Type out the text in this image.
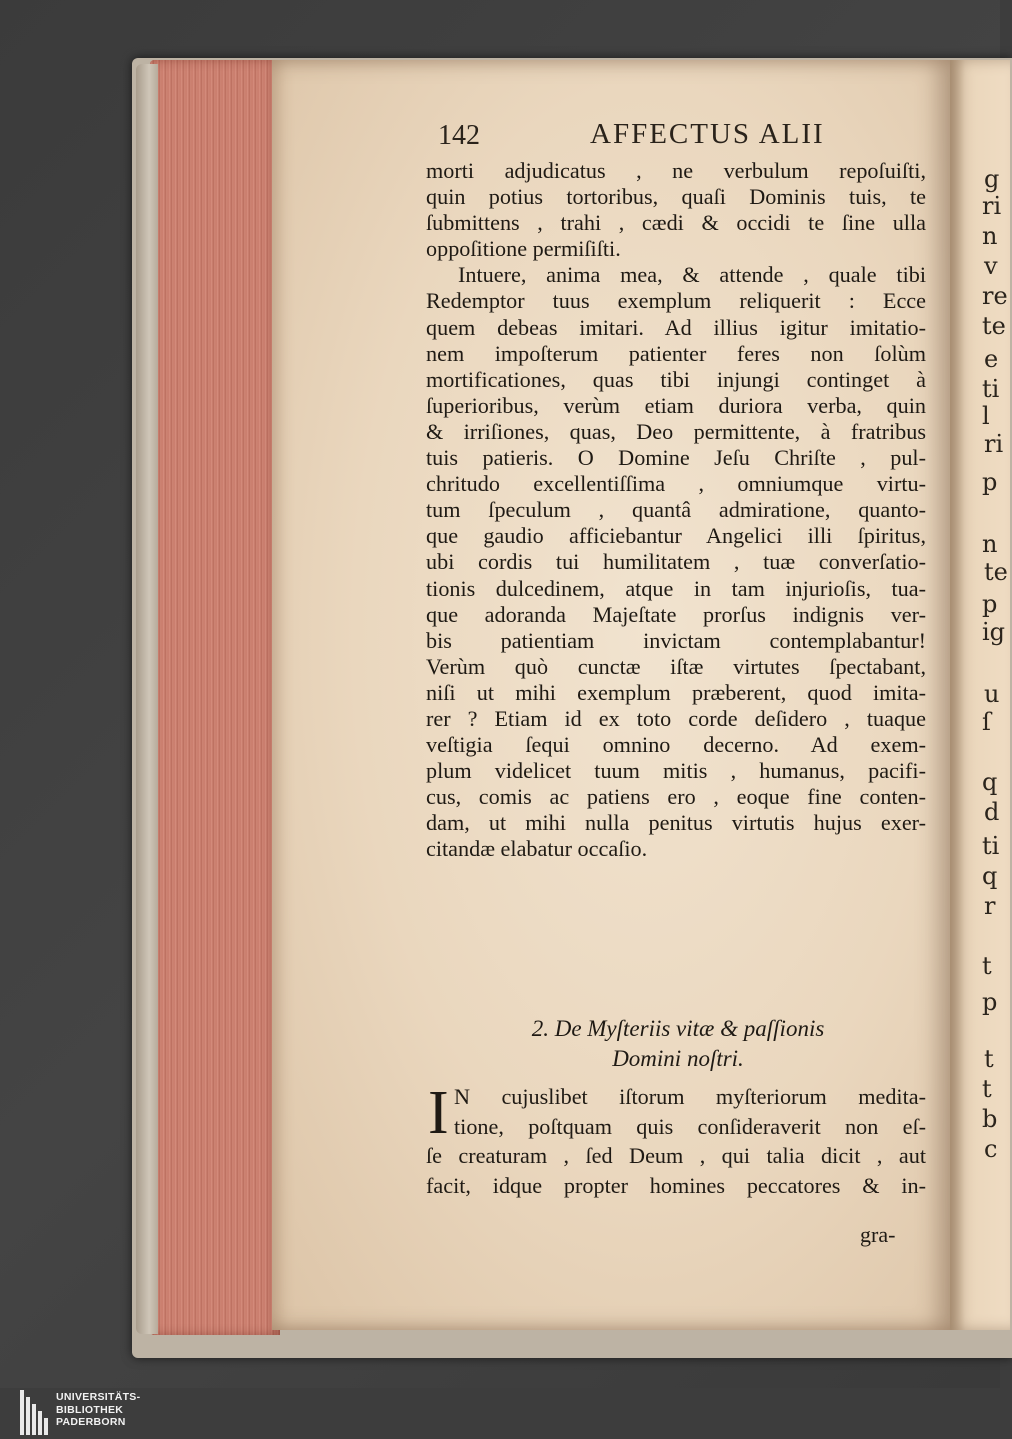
g
ri
n
v
re
te
e
ti
l
ri
p
n
te
p
ig
u
ſ
q
d
ti
q
r
t
p
t
t
b
c
142	AFFECTUS ALII
morti adjudicatus , ne verbulum repoſuiſti,
quin potius tortoribus, quaſi Dominis tuis, te
ſubmittens , trahi , cædi & occidi te ſine ulla
oppoſitione permiſiſti.
Intuere, anima mea, & attende , quale tibi
Redemptor tuus exemplum reliquerit : Ecce
quem debeas imitari. Ad illius igitur imitatio-
nem impoſterum patienter feres non ſolùm
mortificationes, quas tibi injungi continget à
ſuperioribus, verùm etiam duriora verba, quin
& irriſiones, quas, Deo permittente, à fratribus
tuis patieris. O Domine Jeſu Chriſte , pul-
chritudo excellentiſſima , omniumque virtu-
tum ſpeculum , quantâ admiratione, quanto-
que gaudio afficiebantur Angelici illi ſpiritus,
ubi cordis tui humilitatem , tuæ converſatio-
tionis dulcedinem, atque in tam injurioſis, tua-
que adoranda Majeſtate prorſus indignis ver-
bis patientiam invictam contemplabantur!
Verùm quò cunctæ iſtæ virtutes ſpectabant,
niſi ut mihi exemplum præberent, quod imita-
rer ? Etiam id ex toto corde deſidero , tuaque
veſtigia ſequi omnino decerno. Ad exem-
plum videlicet tuum mitis , humanus, pacifi-
cus, comis ac patiens ero , eoque fine conten-
dam, ut mihi nulla penitus virtutis hujus exer-
citandæ elabatur occaſio.
2. De Myſteriis vitæ & paſſionis
Domini noſtri.
I N cujuslibet iſtorum myſteriorum medita-
tione, poſtquam quis conſideraverit non eſ-
ſe creaturam , ſed Deum , qui talia dicit , aut
facit, idque propter homines peccatores & in-
gra-
UNIVERSITÄTS-
BIBLIOTHEK
PADERBORN
